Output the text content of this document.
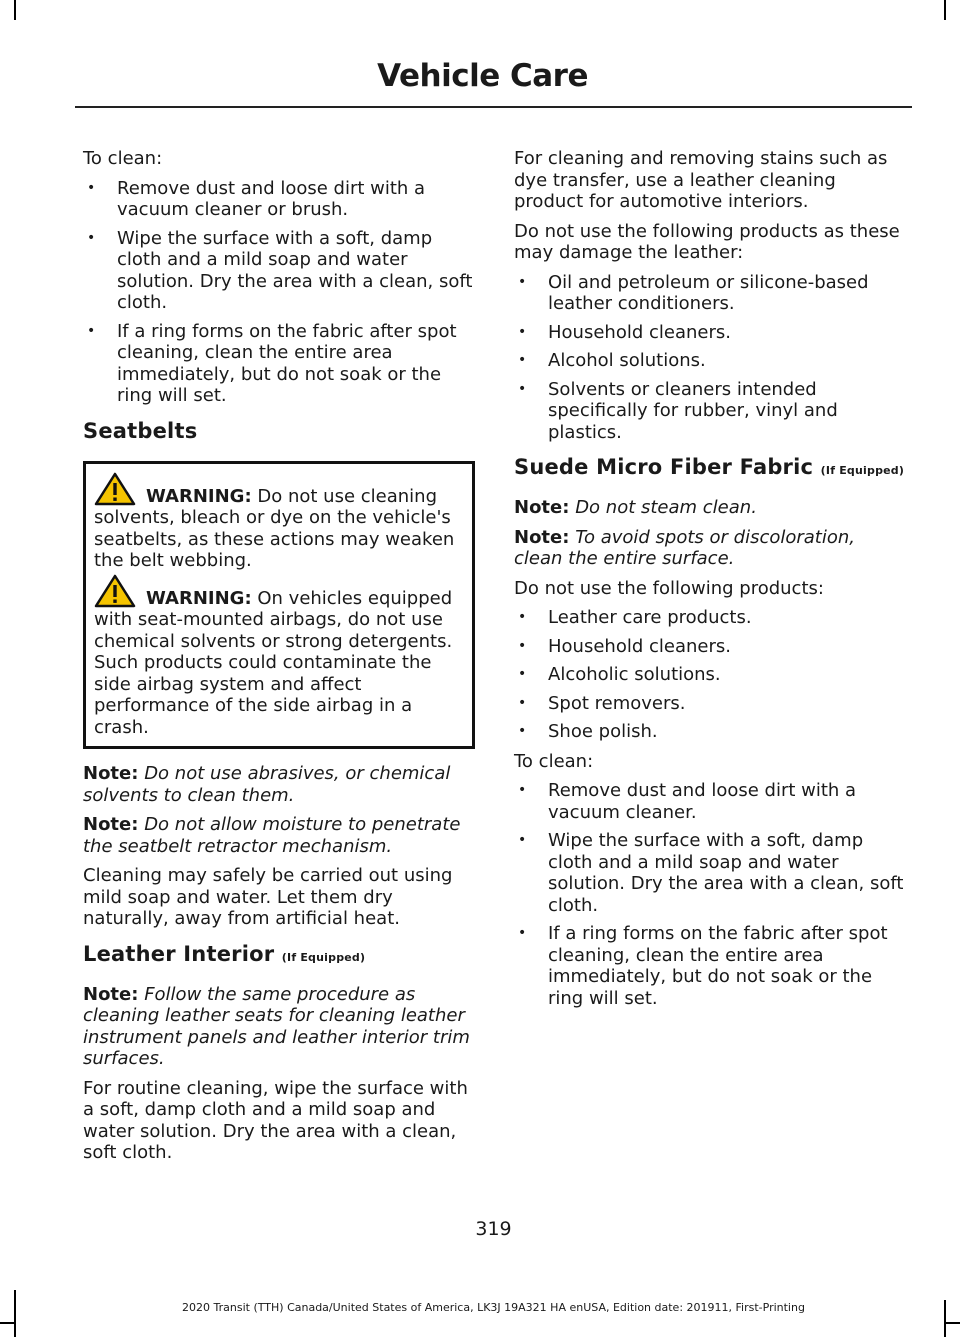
Vehicle Care

To clean:

• Remove dust and loose dirt with a vacuum cleaner or brush.
• Wipe the surface with a soft, damp cloth and a mild soap and water solution. Dry the area with a clean, soft cloth.
• If a ring forms on the fabric after spot cleaning, clean the entire area immediately, but do not soak or the ring will set.
Seatbelts
WARNING: Do not use cleaning solvents, bleach or dye on the vehicle's seatbelts, as these actions may weaken the belt webbing.
WARNING: On vehicles equipped with seat-mounted airbags, do not use chemical solvents or strong detergents. Such products could contaminate the side airbag system and affect performance of the side airbag in a crash.

Note: Do not use abrasives, or chemical solvents to clean them.

Note: Do not allow moisture to penetrate the seatbelt retractor mechanism.

Cleaning may safely be carried out using mild soap and water. Let them dry naturally, away from artificial heat.

Leather Interior (If Equipped)

Note: Follow the same procedure as cleaning leather seats for cleaning leather instrument panels and leather interior trim surfaces.

For routine cleaning, wipe the surface with a soft, damp cloth and a mild soap and water solution. Dry the area with a clean, soft cloth.

For cleaning and removing stains such as dye transfer, use a leather cleaning product for automotive interiors.

Do not use the following products as these may damage the leather:

• Oil and petroleum or silicone-based leather conditioners.
• Household cleaners.
• Alcohol solutions.
• Solvents or cleaners intended specifically for rubber, vinyl and plastics.
Suede Micro Fiber Fabric (If Equipped)

Note: Do not steam clean.

Note: To avoid spots or discoloration, clean the entire surface.

Do not use the following products:

• Leather care products.
• Household cleaners.
• Alcoholic solutions.
• Spot removers.
• Shoe polish.

To clean:

• Remove dust and loose dirt with a vacuum cleaner.
• Wipe the surface with a soft, damp cloth and a mild soap and water solution. Dry the area with a clean, soft cloth.
• If a ring forms on the fabric after spot cleaning, clean the entire area immediately, but do not soak or the ring will set.
319
2020 Transit (TTH) Canada/United States of America, LK3J 19A321 HA enUSA, Edition date: 201911, First-Printing
